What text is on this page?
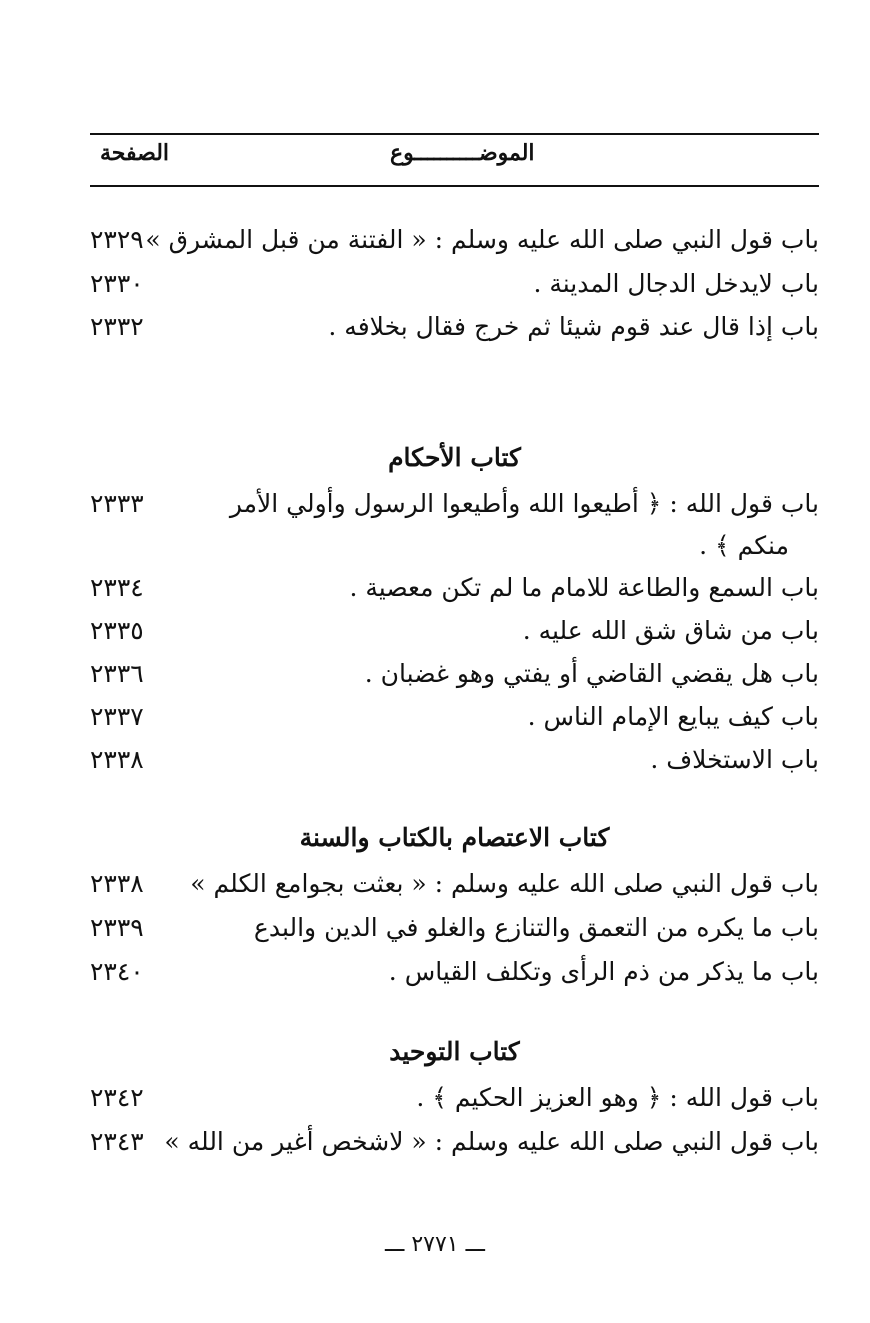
الموضــــــــــوع
الصفحة
باب قول النبي صلى الله عليه وسلم : « الفتنة من قبل المشرق »
٢٣٢٩
باب لايدخل الدجال المدينة .
٢٣٣٠
باب إذا قال عند قوم شيئا ثم خرج فقال بخلافه .
٢٣٣٢
كتاب الأحكام
باب قول الله : ﴿ أطيعوا الله وأطيعوا الرسول وأولي الأمر
٢٣٣٣
منكم ﴾ .
باب السمع والطاعة للامام ما لم تكن معصية .
٢٣٣٤
باب من شاق شق الله عليه .
٢٣٣٥
باب هل يقضي القاضي أو يفتي وهو غضبان .
٢٣٣٦
باب كيف يبايع الإمام الناس .
٢٣٣٧
باب الاستخلاف .
٢٣٣٨
كتاب الاعتصام بالكتاب والسنة
باب قول النبي صلى الله عليه وسلم : « بعثت بجوامع الكلم »
٢٣٣٨
باب ما يكره من التعمق والتنازع والغلو في الدين والبدع
٢٣٣٩
باب ما يذكر من ذم الرأى وتكلف القياس .
٢٣٤٠
كتاب التوحيد
باب قول الله : ﴿ وهو العزيز الحكيم ﴾ .
٢٣٤٢
باب قول النبي صلى الله عليه وسلم : « لاشخص أغير من الله »
٢٣٤٣
ـــ ٢٧٧١ ـــ
